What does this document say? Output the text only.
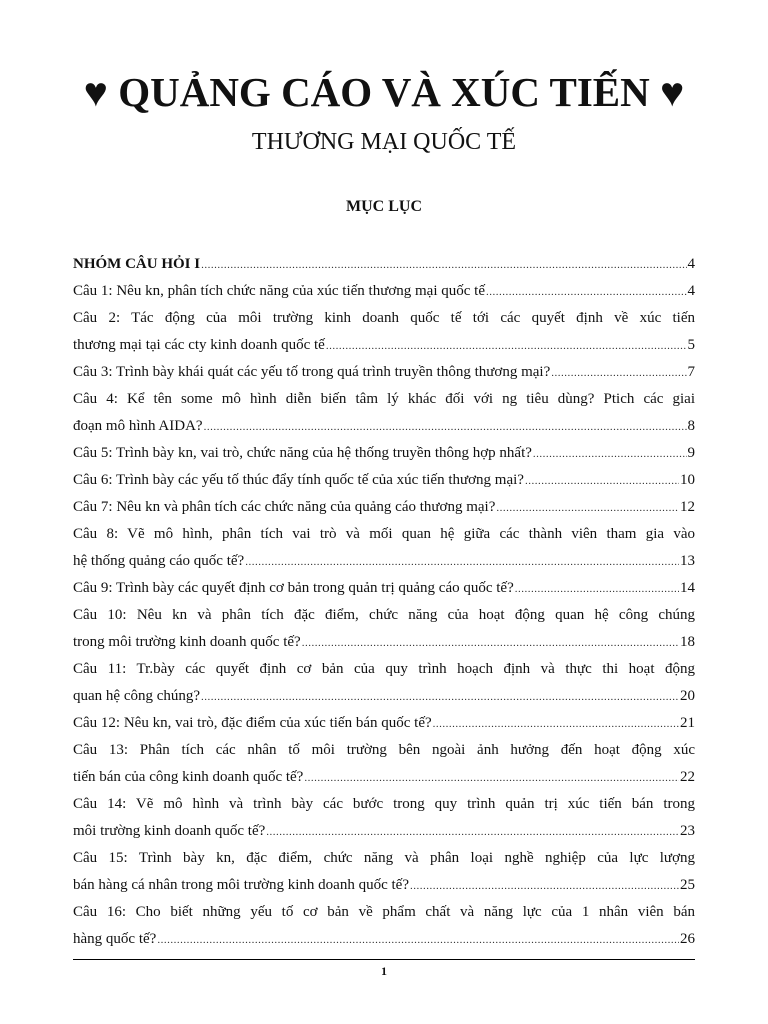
♥ QUẢNG CÁO VÀ XÚC TIẾN ♥
THƯƠNG MẠI QUỐC TẾ
MỤC LỤC
NHÓM CÂU HỎI I .....	4
Câu 1: Nêu kn, phân tích chức năng của xúc tiến thương mại quốc tế .....	4
Câu 2: Tác động của môi trường kinh doanh quốc tế tới các quyết định về xúc tiến
thương mại tại các cty kinh doanh quốc tế .....	5
Câu 3: Trình bày khái quát các yếu tố trong quá trình truyền thông thương mại? .....	7
Câu 4: Kể tên some mô hình diễn biến tâm lý khác đối với ng tiêu dùng? Ptich các giai
đoạn mô hình AIDA? .....	8
Câu 5: Trình bày kn, vai trò, chức năng của hệ thống truyền thông hợp nhất? .....	9
Câu 6: Trình bày các yếu tố thúc đẩy tính quốc tế của xúc tiến thương mại? .....	10
Câu 7: Nêu kn và phân tích các chức năng của quảng cáo thương mại? .....	12
Câu 8: Vẽ mô hình, phân tích vai trò và mối quan hệ giữa các thành viên tham gia vào
hệ thống quảng cáo quốc tế? .....	13
Câu 9: Trình bày các quyết định cơ bản trong quản trị quảng cáo quốc tế? .....	14
Câu 10: Nêu kn và phân tích đặc điểm, chức năng của hoạt động quan hệ công chúng
trong môi trường kinh doanh quốc tế? .....	18
Câu 11: Tr.bày các quyết định cơ bản của quy trình hoạch định và thực thi hoạt động
quan hệ công chúng? .....	20
Câu 12: Nêu kn, vai trò, đặc điểm của xúc tiến bán quốc tế? .....	21
Câu 13: Phân tích các nhân tố môi trường bên ngoài ảnh hưởng đến hoạt động xúc
tiến bán của công kinh doanh quốc tế? .....	22
Câu 14: Vẽ mô hình và trình bày các bước trong quy trình quản trị xúc tiến bán trong
môi trường kinh doanh quốc tế? .....	23
Câu 15: Trình bày kn, đặc điểm, chức năng và phân loại nghề nghiệp của lực lượng
bán hàng cá nhân trong môi trường kinh doanh quốc tế? .....	25
Câu 16: Cho biết những yếu tố cơ bản về phẩm chất và năng lực của 1 nhân viên bán
hàng quốc tế? .....	26
1
